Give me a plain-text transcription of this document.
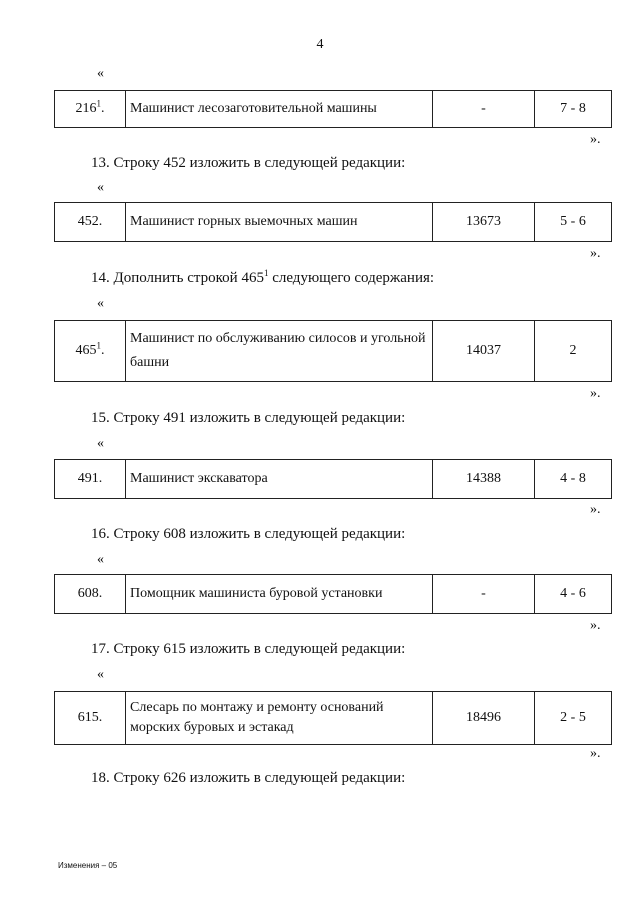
4
«
$216^1$.	Машинист лесозаготовительной машины	-	7 - 8
».
13. Строку 452 изложить в следующей редакции:
«
452.	Машинист горных выемочных машин	13673	5 - 6
».
14. Дополнить строкой $465^1$ следующего содержания:
«
$465^1$.	Машинист по обслуживанию силосов и угольной башни	14037	2
».
15. Строку 491 изложить в следующей редакции:
«
491.	Машинист экскаватора	14388	4 - 8
».
16. Строку 608 изложить в следующей редакции:
«
608.	Помощник машиниста буровой установки	-	4 - 6
».
17. Строку 615 изложить в следующей редакции:
«
615.	Слесарь по монтажу и ремонту оснований морских буровых и эстакад	18496	2 - 5
».
18. Строку 626 изложить в следующей редакции:
Изменения – 05
